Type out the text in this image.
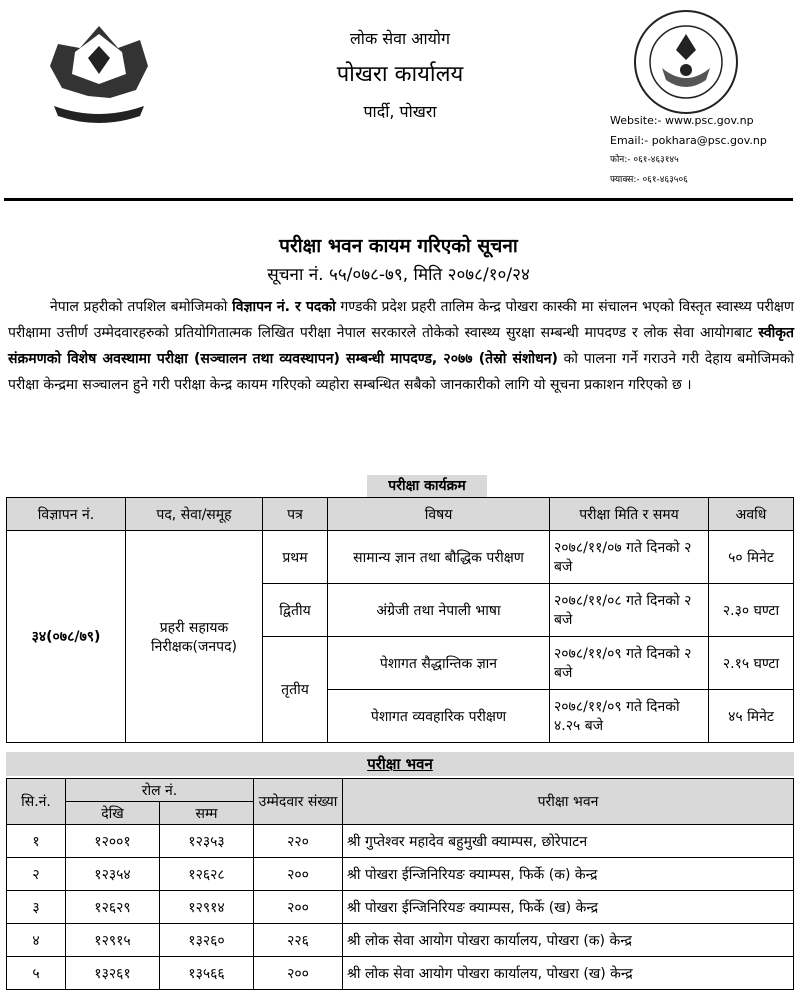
लोक सेवा आयोग
पोखरा कार्यालय
पार्दी, पोखरा	Website:- www.psc.gov.np
Email:- pokhara@psc.gov.np
फोन:- ०६१-४६३१४५
फ्याक्स:- ०६१-४६३५०६
परीक्षा भवन कायम गरिएको सूचना
सूचना नं. ५५/०७८-७९, मिति २०७८/१०/२४
   नेपाल प्रहरीको तपशिल बमोजिमको विज्ञापन नं. र पदको गण्डकी प्रदेश प्रहरी तालिम केन्द्र पोखरा कास्की मा संचालन भएको विस्तृत स्वास्थ्य परीक्षण परीक्षामा उत्तीर्ण उम्मेदवारहरुको प्रतियोगितात्मक लिखित परीक्षा नेपाल सरकारले तोकेको स्वास्थ्य सुरक्षा सम्बन्धी मापदण्ड र लोक सेवा आयोगबाट स्वीकृत संक्रमणको विशेष अवस्थामा परीक्षा (सञ्चालन तथा व्यवस्थापन) सम्बन्धी मापदण्ड, २०७७ (तेस्रो संशोधन) को पालना गर्ने गराउने गरी देहाय बमोजिमको परीक्षा केन्द्रमा सञ्चालन हुने गरी परीक्षा केन्द्र कायम गरिएको व्यहोरा सम्बन्धित सबैको जानकारीको लागि यो सूचना प्रकाशन गरिएको छ ।
परीक्षा कार्यक्रम
विज्ञापन नं.	पद, सेवा/समूह	पत्र	विषय	परीक्षा मिति र समय	अवधि
३४(०७८/७९)	प्रहरी सहायक निरीक्षक(जनपद)	प्रथम	सामान्य ज्ञान तथा बौद्धिक परीक्षण	२०७८/११/०७ गते दिनको २ बजे	५० मिनेट
		द्वितीय	अंग्रेजी तथा नेपाली भाषा	२०७८/११/०८ गते दिनको २ बजे	२.३० घण्टा
		तृतीय	पेशागत सैद्धान्तिक ज्ञान	२०७८/११/०९ गते दिनको २ बजे	२.१५ घण्टा
			पेशागत व्यवहारिक परीक्षण	२०७८/११/०९ गते दिनको ४.२५ बजे	४५ मिनेट
परीक्षा भवन
सि.नं.	रोल नं.		उम्मेदवार संख्या	परीक्षा भवन
	देखि	सम्म		
१	१२००१	१२३५३	२२०	श्री गुप्तेश्वर महादेव बहुमुखी क्याम्पस, छोरेपाटन
२	१२३५४	१२६२८	२००	श्री पोखरा ईन्जिनिरियङ क्याम्पस, फिर्के (क) केन्द्र
३	१२६२९	१२९१४	२००	श्री पोखरा ईन्जिनिरियङ क्याम्पस, फिर्के (ख) केन्द्र
४	१२९१५	१३२६०	२२६	श्री लोक सेवा आयोग पोखरा कार्यालय, पोखरा (क) केन्द्र
५	१३२६१	१३५६६	२००	श्री लोक सेवा आयोग पोखरा कार्यालय, पोखरा (ख) केन्द्र
